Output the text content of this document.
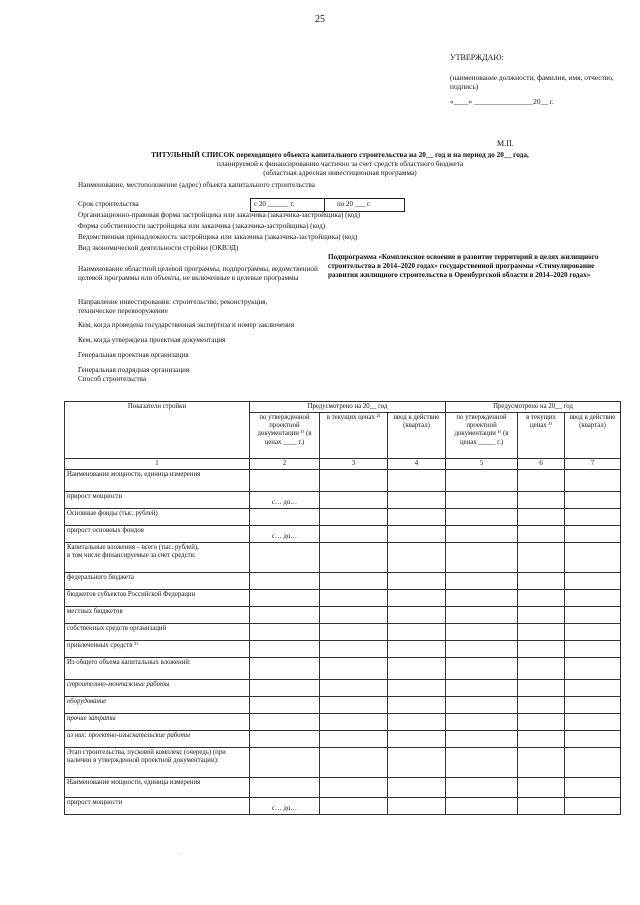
25
УТВЕРЖДАЮ:
(наименование должности, фамилия, имя, отчество, подпись)
«____» ________________20__ г.
М.П.
ТИТУЛЬНЫЙ СПИСОК переходящего объекта капитального строительства на 20__ год и на период до 20__ года,
планируемой к финансированию частично за счет средств областного бюджета
(областная адресная инвестиционная программа)
Наименование, местоположение (адрес) объекта капитального строительства
Срок строительства	с 20 ______ г.	по 20 ___ г.
Организационно-правовая форма застройщика или заказчика (заказчика-застройщика) (код)
Форма собственности застройщика или заказчика (заказчика-застройщика) (код)
Ведомственная принадлежность застройщика или заказчика (заказчика-застройщика) (код)
Вид экономической деятельности стройки (ОКВЭД)
Наименование областной целевой программы, подпрограммы, ведомственной целевой программы или объекты, не включенные в целевые программы
Подпрограмма «Комплексное освоение и развитие территорий в целях жилищного строительства в 2014–2020 годах» государственной программы «Стимулирование развития жилищного строительства в Оренбургской области в 2014–2020 годах»
Направление инвестирования: строительство, реконструкция, техническое перевооружение
Кем, когда проведена государственная экспертиза и номер заключения
Кем, когда утверждена проектная документация
Генеральная проектная организация
Генеральная подрядная организация
Способ строительства
Показатели стройки	Предусмотрено на 20__ год			Предусмотрено на 20__ год		
	по утвержденной проектной документации ¹⁾ (в ценах ____ г.)	в текущих ценах ²⁾	ввод в действие (квартал)	по утвержденной проектной документации ¹⁾ (в ценах _____ г.)	в текущих ценах ³⁾	ввод в действие (квартал)
1	2	3	4	5	6	7
Наименование мощности, единица измерения						
прирост мощности	с… до…					
Основные фонды (тыс. рублей)						
прирост основных фондов	с… до…					
Капитальные вложения – всего (тыс. рублей),
в том числе финансируемые за счет средств:						

федерального бюджета						
бюджетов субъектов Российской Федерации						
местных бюджетов						
собственных средств организаций						
привлеченных средств ²⁾						
Из общего объема капитальных вложений:						
строительно-монтажные работы						
оборудование						
прочие затраты						
из них: проектно-изыскательские работы						
Этап строительства, пусковой комплекс (очередь) (при наличии в утвержденной проектной документации):						
Наименование мощности, единица измерения						
прирост мощности	с… до…					
·
